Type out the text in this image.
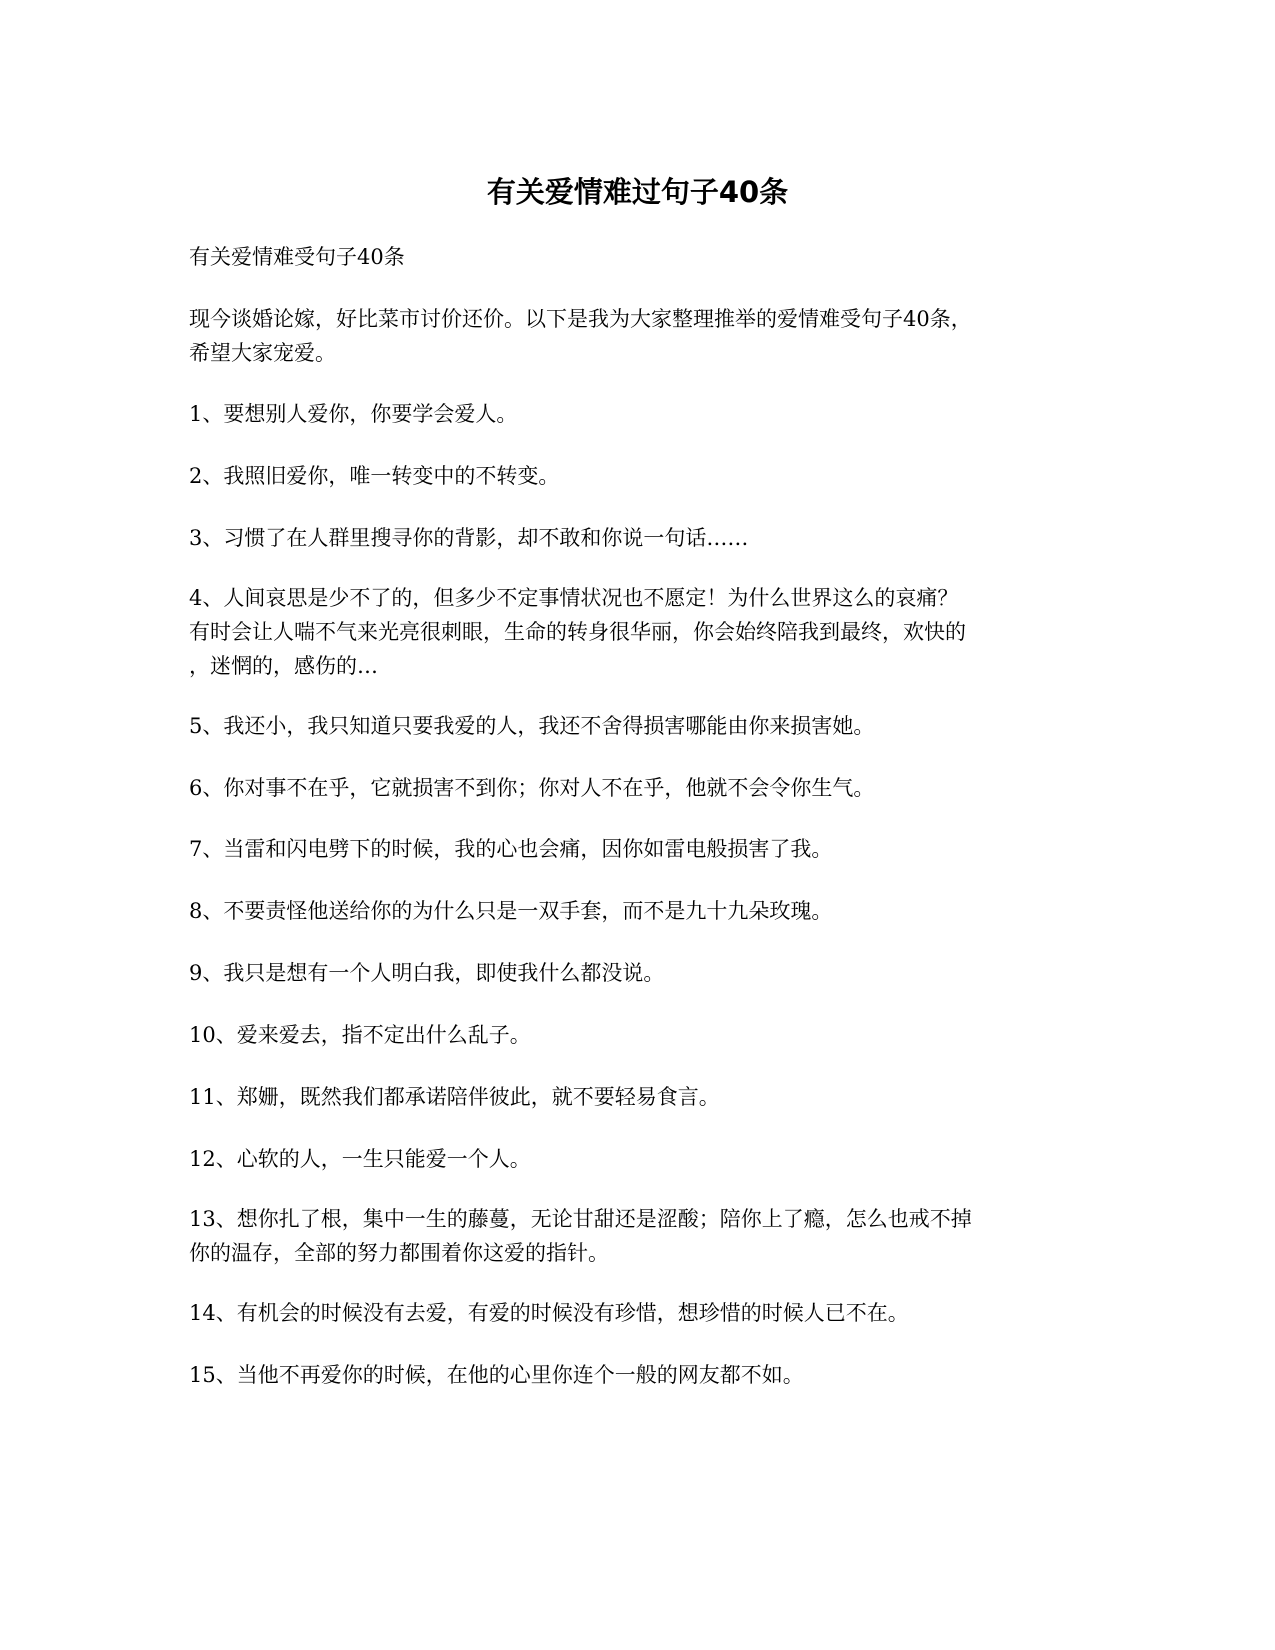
有关爱情难过句子40条

有关爱情难受句子40条

现今谈婚论嫁，好比菜市讨价还价。以下是我为大家整理推举的爱情难受句子40条，
希望大家宠爱。

1、要想别人爱你，你要学会爱人。

2、我照旧爱你，唯一转变中的不转变。

3、习惯了在人群里搜寻你的背影，却不敢和你说一句话……

4、人间哀思是少不了的，但多少不定事情状况也不愿定！为什么世界这么的哀痛？
有时会让人喘不气来光亮很刺眼，生命的转身很华丽，你会始终陪我到最终，欢快的
，迷惘的，感伤的…

5、我还小，我只知道只要我爱的人，我还不舍得损害哪能由你来损害她。

6、你对事不在乎，它就损害不到你；你对人不在乎，他就不会令你生气。

7、当雷和闪电劈下的时候，我的心也会痛，因你如雷电般损害了我。

8、不要责怪他送给你的为什么只是一双手套，而不是九十九朵玫瑰。

9、我只是想有一个人明白我，即使我什么都没说。

10、爱来爱去，指不定出什么乱子。

11、郑姗，既然我们都承诺陪伴彼此，就不要轻易食言。

12、心软的人，一生只能爱一个人。

13、想你扎了根，集中一生的藤蔓，无论甘甜还是涩酸；陪你上了瘾，怎么也戒不掉
你的温存，全部的努力都围着你这爱的指针。

14、有机会的时候没有去爱，有爱的时候没有珍惜，想珍惜的时候人已不在。

15、当他不再爱你的时候，在他的心里你连个一般的网友都不如。
